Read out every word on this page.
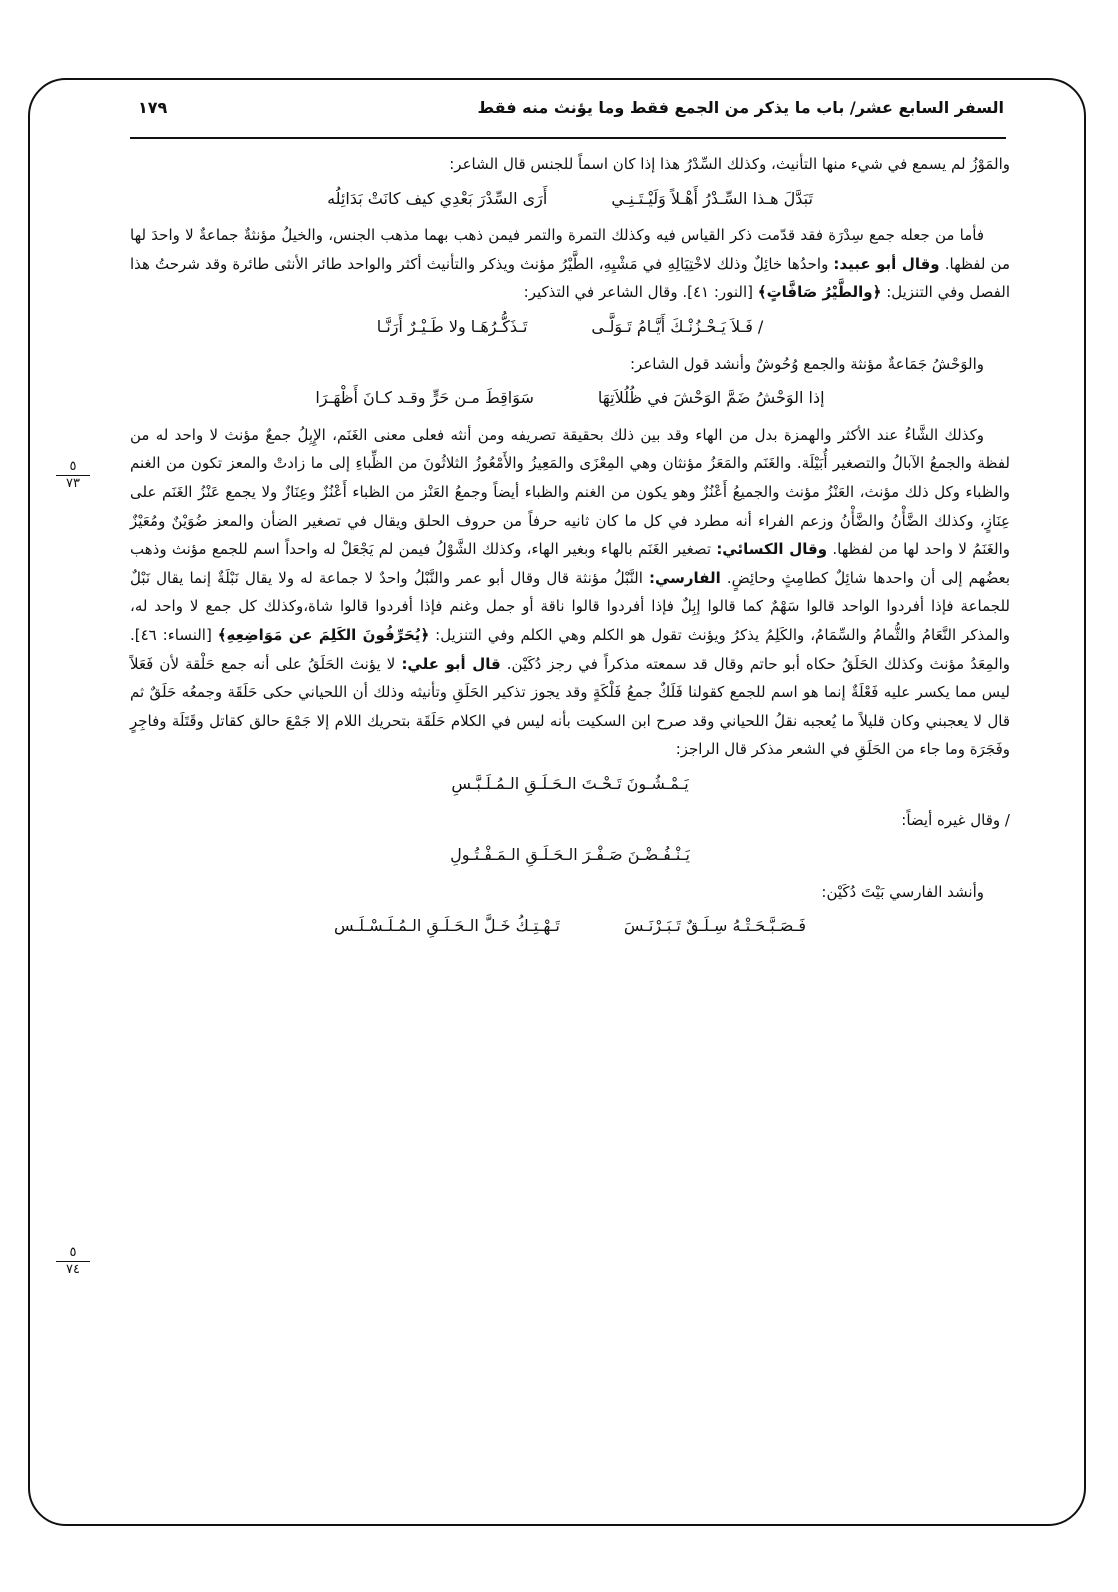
السفر السابع عشر/ باب ما يذكر من الجمع فقط وما يؤنث منه فقط
١٧٩
٥
٧٣
٥
٧٤

والمَوْزُ لم يسمع في شيء منها التأنيث، وكذلك السِّدْرُ هذا إذا كان اسماً للجنس قال الشاعر:

تَبَدَّلَ هـذا السِّـدْرُ أَهْـلاً وَلَيْـتَـنِـي
أَرَى السِّدْرَ بَعْدِي كيف كانَتْ بَدَائِلُه

فأما من جعله جمع سِدْرَة فقد قدّمت ذكر القياس فيه وكذلك التمرة والتمر فيمن ذهب بهما مذهب الجنس، والخيلُ مؤنثةٌ جماعةٌ لا واحدَ لها من لفظها. وقال أبو عبيد: واحدُها خائِلٌ وذلك لاخْتِيَالِهِ في مَشْيِهِ، الطَّيْرُ مؤنث ويذكر والتأنيث أكثر والواحد طائر الأنثى طائرة وقد شرحتُ هذا الفصل وفي التنزيل: ﴿والطَّيْرُ صَافَّاتٍ﴾ [النور: ٤١]. وقال الشاعر في التذكير:

/ فَـلاَ يَـحْـزُنْـكَ أَيَّـامُ تَـوَلَّـى
تَـذَكُّـرُهَـا ولا طَـيْـرٌ أَرَنَّـا

والوَحْشُ جَمَاعةٌ مؤنثة والجمع وُحُوشٌ وأنشد قول الشاعر:

إذا الوَحْشُ ضَمَّ الوَحْشَ في ظُلُلاَتِهَا
سَوَاقِطَ مـن حَرٍّ وقـد كـانَ أَظْهَـرَا

وكذلك الشَّاءُ عند الأكثر والهمزة بدل من الهاء وقد بين ذلك بحقيقة تصريفه ومن أنثه فعلى معنى الغَنَم، الإِبِلُ جمعٌ مؤنث لا واحد له من لفظة والجمعُ الآبالُ والتصغير أُبَيْلَة. والغَنَم والمَعَزُ مؤنثان وهي المِعْزَى والمَعِيزُ والأَمْعُوزُ الثلاثُونَ من الظِّباءِ إلى ما زادتْ والمعز تكون من الغنم والظباء وكل ذلك مؤنث، العَنْزُ مؤنث والجميعُ أَعْنُزٌ وهو يكون من الغنم والظباء أيضاً وجمعُ العَنْز من الظباء أَعْنُزٌ وعِنَازٌ ولا يجمع عَنْزُ الغَنَم على عِنَازٍ، وكذلك الضَّأْنُ والضَّأْنُ وزعم الفراء أنه مطرد في كل ما كان ثانيه حرفاً من حروف الحلق ويقال في تصغير الضأن والمعز ضُوَيْنٌ ومُعَيْزٌ والغَنَمُ لا واحد لها من لفظها. وقال الكسائي: تصغير الغَنَم بالهاء وبغير الهاء، وكذلك الشَّوْلُ فيمن لم يَجْعَلْ له واحداً اسم للجمع مؤنث وذهب بعضُهم إلى أن واحدها شائِلٌ كطامِثٍ وحائِضٍ. الفارسي: النَّبْلُ مؤنثة قال وقال أبو عمر والنَّبْلُ واحدٌ لا جماعة له ولا يقال نَبْلَةٌ إنما يقال نَبْلٌ للجماعة فإذا أفردوا الواحد قالوا سَهْمٌ كما قالوا إبِلٌ فإذا أفردوا قالوا ناقة أو جمل وغنم فإذا أفردوا قالوا شاة،وكذلك كل جمع لا واحد له، والمذكر النَّعَامُ والثُّمامُ والسِّمَامُ، والكَلِمُ يذكرُ ويؤنث تقول هو الكلم وهي الكلم وفي التنزيل: ﴿يُحَرِّفُونَ الكَلِمَ عن مَوَاضِعِهِ﴾ [النساء: ٤٦]. والمِعَدُ مؤنث وكذلك الحَلَقُ حكاه أبو حاتم وقال قد سمعته مذكراً في رجز دُكَيْن. قال أبو علي: لا يؤنث الحَلَقُ على أنه جمع حَلْقة لأن فَعَلاً ليس مما يكسر عليه فَعْلَةٌ إنما هو اسم للجمع كقولنا فَلَكٌ جمعُ فَلْكَةٍ وقد يجوز تذكير الحَلَقِ وتأنيثه وذلك أن اللحياني حكى حَلَقَة وجمعُه حَلَقٌ ثم قال لا يعجبني وكان قليلاً ما يُعجبه نقلُ اللحياني وقد صرح ابن السكيت بأنه ليس في الكلام حَلَقَة بتحريك اللام إلا جَمْعَ حالق كقاتل وقَتَلَة وفاجِرٍ وفَجَرَة وما جاء من الحَلَقِ في الشعر مذكر قال الراجز:

يَـمْـشُـونَ تَـحْـتَ الـحَـلَـقِ الـمُـلَـبَّـسِ

/ وقال غيره أيضاً:

يَـنْـفُـضْـنَ صَـفْـرَ الـحَـلَـقِ الـمَـفْـتُـولِ

وأنشد الفارسي بَيْتَ دُكَيْن:

فَـصَـبَّـحَـتْـهُ سِـلَـقٌ تَـبَـرْنَـسَ
تَـهْـتِـكُ خَـلَّ الـحَـلَـقِ الـمُـلَـسْـلَـس
